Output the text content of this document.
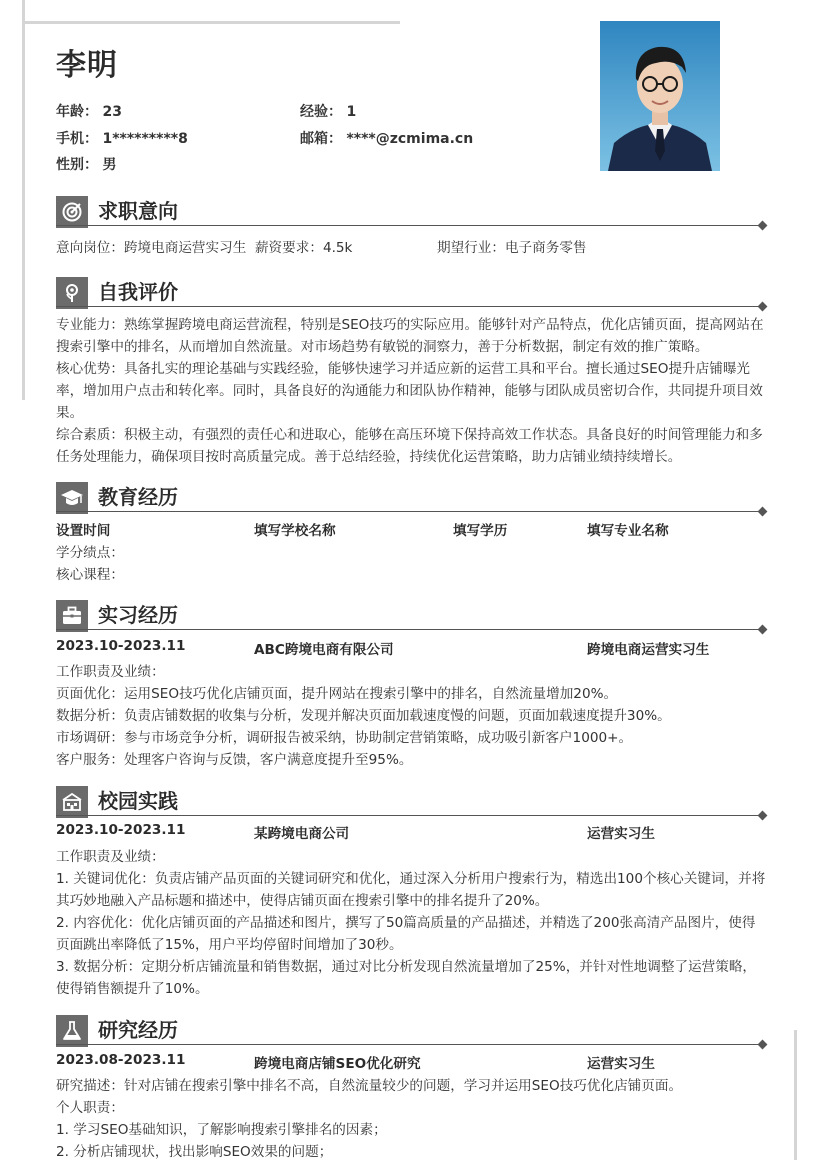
李明
年龄： 23	经验： 1
手机： 1*********8	邮箱： ****@zcmima.cn
性别： 男
求职意向
意向岗位：跨境电商运营实习生 薪资要求：4.5k	期望行业：电子商务零售
自我评价

专业能力：熟练掌握跨境电商运营流程，特别是SEO技巧的实际应用。能够针对产品特点，优化店铺页面，提高网站在搜索引擎中的排名，从而增加自然流量。对市场趋势有敏锐的洞察力，善于分析数据，制定有效的推广策略。

核心优势：具备扎实的理论基础与实践经验，能够快速学习并适应新的运营工具和平台。擅长通过SEO提升店铺曝光率，增加用户点击和转化率。同时，具备良好的沟通能力和团队协作精神，能够与团队成员密切合作，共同提升项目效果。

综合素质：积极主动，有强烈的责任心和进取心，能够在高压环境下保持高效工作状态。具备良好的时间管理能力和多任务处理能力，确保项目按时高质量完成。善于总结经验，持续优化运营策略，助力店铺业绩持续增长。

教育经历
设置时间	填写学校名称	填写学历	填写专业名称
学分绩点：
核心课程：
实习经历
2023.10-2023.11	ABC跨境电商有限公司	跨境电商运营实习生
工作职责及业绩：
页面优化：运用SEO技巧优化店铺页面，提升网站在搜索引擎中的排名，自然流量增加20%。
数据分析：负责店铺数据的收集与分析，发现并解决页面加载速度慢的问题，页面加载速度提升30%。
市场调研：参与市场竞争分析，调研报告被采纳，协助制定营销策略，成功吸引新客户1000+。
客户服务：处理客户咨询与反馈，客户满意度提升至95%。
校园实践
2023.10-2023.11	某跨境电商公司	运营实习生
工作职责及业绩：

1. 关键词优化：负责店铺产品页面的关键词研究和优化，通过深入分析用户搜索行为，精选出100个核心关键词，并将其巧妙地融入产品标题和描述中，使得店铺页面在搜索引擎中的排名提升了20%。

2. 内容优化：优化店铺页面的产品描述和图片，撰写了50篇高质量的产品描述，并精选了200张高清产品图片，使得页面跳出率降低了15%，用户平均停留时间增加了30秒。

3. 数据分析：定期分析店铺流量和销售数据，通过对比分析发现自然流量增加了25%，并针对性地调整了运营策略，使得销售额提升了10%。

研究经历
2023.08-2023.11	跨境电商店铺SEO优化研究	运营实习生
研究描述：针对店铺在搜索引擎中排名不高，自然流量较少的问题，学习并运用SEO技巧优化店铺页面。
个人职责：
1. 学习SEO基础知识，了解影响搜索引擎排名的因素；
2. 分析店铺现状，找出影响SEO效果的问题；
